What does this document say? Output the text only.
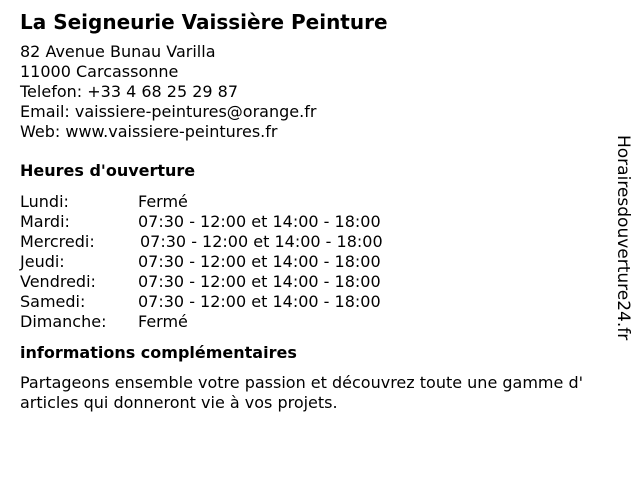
La Seigneurie Vaissière Peinture
82 Avenue Bunau Varilla
11000 Carcassonne
Telefon: +33 4 68 25 29 87
Email: vaissiere-peintures@orange.fr
Web: www.vaissiere-peintures.fr
Heures d'ouverture
Lundi:	Fermé
Mardi:	07:30 - 12:00 et 14:00 - 18:00
Mercredi:	07:30 - 12:00 et 14:00 - 18:00
Jeudi:	07:30 - 12:00 et 14:00 - 18:00
Vendredi:	07:30 - 12:00 et 14:00 - 18:00
Samedi:	07:30 - 12:00 et 14:00 - 18:00
Dimanche: Fermé
informations complémentaires
Partageons ensemble votre passion et découvrez toute une gamme d'
articles qui donneront vie à vos projets.
Horairesdouverture24.fr
